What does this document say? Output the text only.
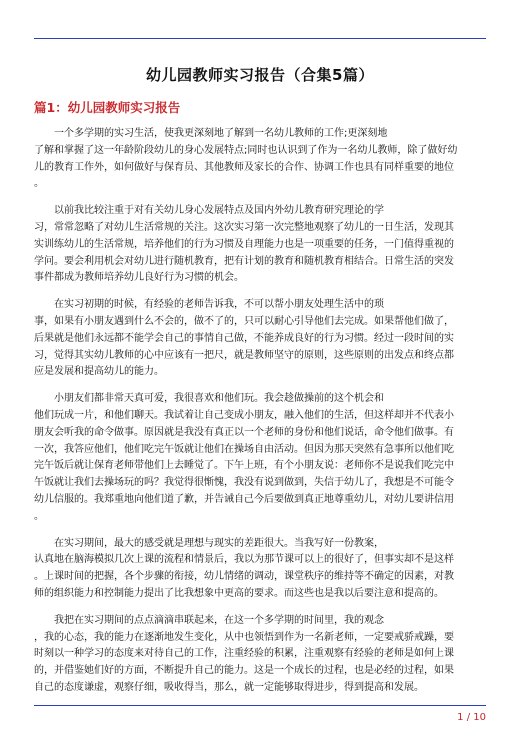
幼儿园教师实习报告（合集5篇）
篇1：幼儿园教师实习报告
一个多学期的实习生活，使我更深刻地了解到一名幼儿教师的工作;更深刻地
了解和掌握了这一年龄阶段幼儿的身心发展特点;同时也认识到了作为一名幼儿教师，除了做好幼
儿的教育工作外，如何做好与保育员、其他教师及家长的合作、协调工作也具有同样重要的地位
。
以前我比较注重于对有关幼儿身心发展特点及国内外幼儿教育研究理论的学
习，常常忽略了对幼儿生活常规的关注。这次实习第一次完整地观察了幼儿的一日生活，发现其
实训练幼儿的生活常规，培养他们的行为习惯及自理能力也是一项重要的任务，一门值得重视的
学问。要会利用机会对幼儿进行随机教育，把有计划的教育和随机教育相结合。日常生活的突发
事件都成为教师培养幼儿良好行为习惯的机会。
在实习初期的时候，有经验的老师告诉我，不可以帮小朋友处理生活中的琐
事，如果有小朋友遇到什么不会的，做不了的，只可以耐心引导他们去完成。如果帮他们做了，
后果就是他们永远都不能学会自己的事情自己做，不能养成良好的行为习惯。经过一段时间的实
习，觉得其实幼儿教师的心中应该有一把尺，就是教师坚守的原则，这些原则的出发点和终点都
应是发展和提高幼儿的能力。
小朋友们都非常天真可爱，我很喜欢和他们玩。我会趁做操前的这个机会和
他们玩成一片，和他们聊天。我试着让自己变成小朋友，融入他们的生活，但这样却并不代表小
朋友会听我的命令做事。原因就是我没有真正以一个老师的身份和他们说话，命令他们做事。有
一次，我答应他们，他们吃完午饭就让他们在操场自由活动。但因为那天突然有急事所以他们吃
完午饭后就让保育老师带他们上去睡觉了。下午上班，有个小朋友说：老师你不是说我们吃完中
午饭就让我们去操场玩的吗？我觉得很惭愧，我没有说到做到，失信于幼儿了，我想是不可能令
幼儿信服的。我郑重地向他们道了歉，并告诫自己今后要做到真正地尊重幼儿，对幼儿要讲信用
。
在实习期间，最大的感受就是理想与现实的差距很大。当我写好一份教案，
认真地在脑海模拟几次上课的流程和情景后，我以为那节课可以上的很好了，但事实却不是这样
。上课时间的把握，各个步骤的衔接，幼儿情绪的调动，课堂秩序的维持等不确定的因素，对教
师的组织能力和控制能力提出了比我想象中更高的要求。而这些也是我以后要注意和提高的。
我把在实习期间的点点滴滴串联起来，在这一个多学期的时间里，我的观念
，我的心态，我的能力在逐渐地发生变化，从中也领悟到作为一名新老师，一定要戒骄戒躁，要
时刻以一种学习的态度来对待自己的工作，注重经验的积累，注重观察有经验的老师是如何上课
的，并借鉴她们好的方面，不断提升自己的能力。这是一个成长的过程，也是必经的过程，如果
自己的态度谦虚，观察仔细，吸收得当，那么，就一定能够取得进步，得到提高和发展。
1 / 10
